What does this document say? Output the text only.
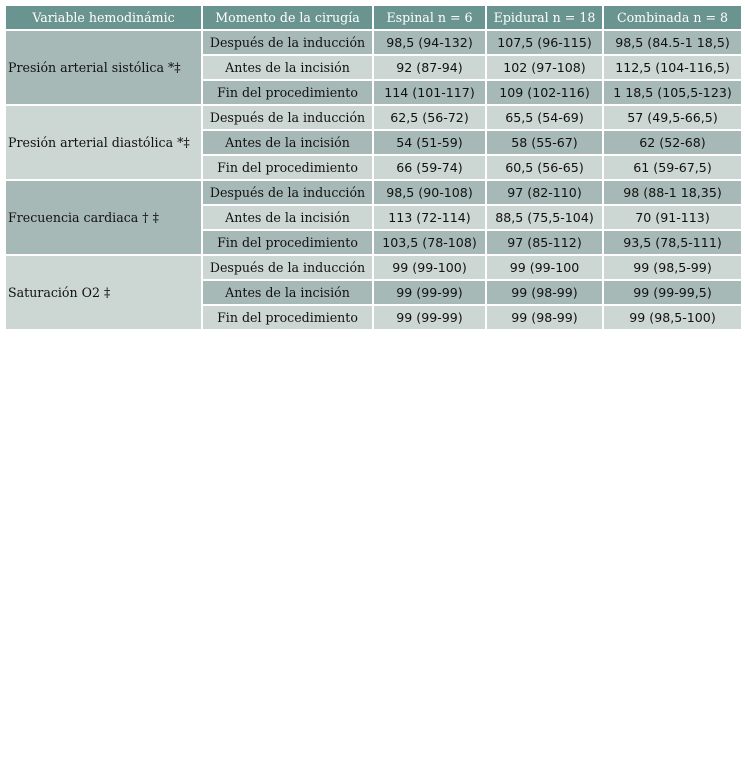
Variable hemodinámic	Momento de la cirugía	Espinal n = 6	Epidural n = 18	Combinada n = 8
Presión arterial sistólica *‡	Después de la inducción	98,5 (94-132)	107,5 (96-115)	98,5 (84.5-1 18,5)
	Antes de la incisión	92 (87-94)	102 (97-108)	112,5 (104-116,5)
	Fin del procedimiento	114 (101-117)	109 (102-116)	1 18,5 (105,5-123)
Presión arterial diastólica *‡	Después de la inducción	62,5 (56-72)	65,5 (54-69)	57 (49,5-66,5)
	Antes de la incisión	54 (51-59)	58 (55-67)	62 (52-68)
	Fin del procedimiento	66 (59-74)	60,5 (56-65)	61 (59-67,5)
Frecuencia cardiaca † ‡	Después de la inducción	98,5 (90-108)	97 (82-110)	98 (88-1 18,35)
	Antes de la incisión	113 (72-114)	88,5 (75,5-104)	70 (91-113)
	Fin del procedimiento	103,5 (78-108)	97 (85-112)	93,5 (78,5-111)
Saturación O2 ‡	Después de la inducción	99 (99-100)	99 (99-100	99 (98,5-99)
	Antes de la incisión	99 (99-99)	99 (98-99)	99 (99-99,5)
	Fin del procedimiento	99 (99-99)	99 (98-99)	99 (98,5-100)
